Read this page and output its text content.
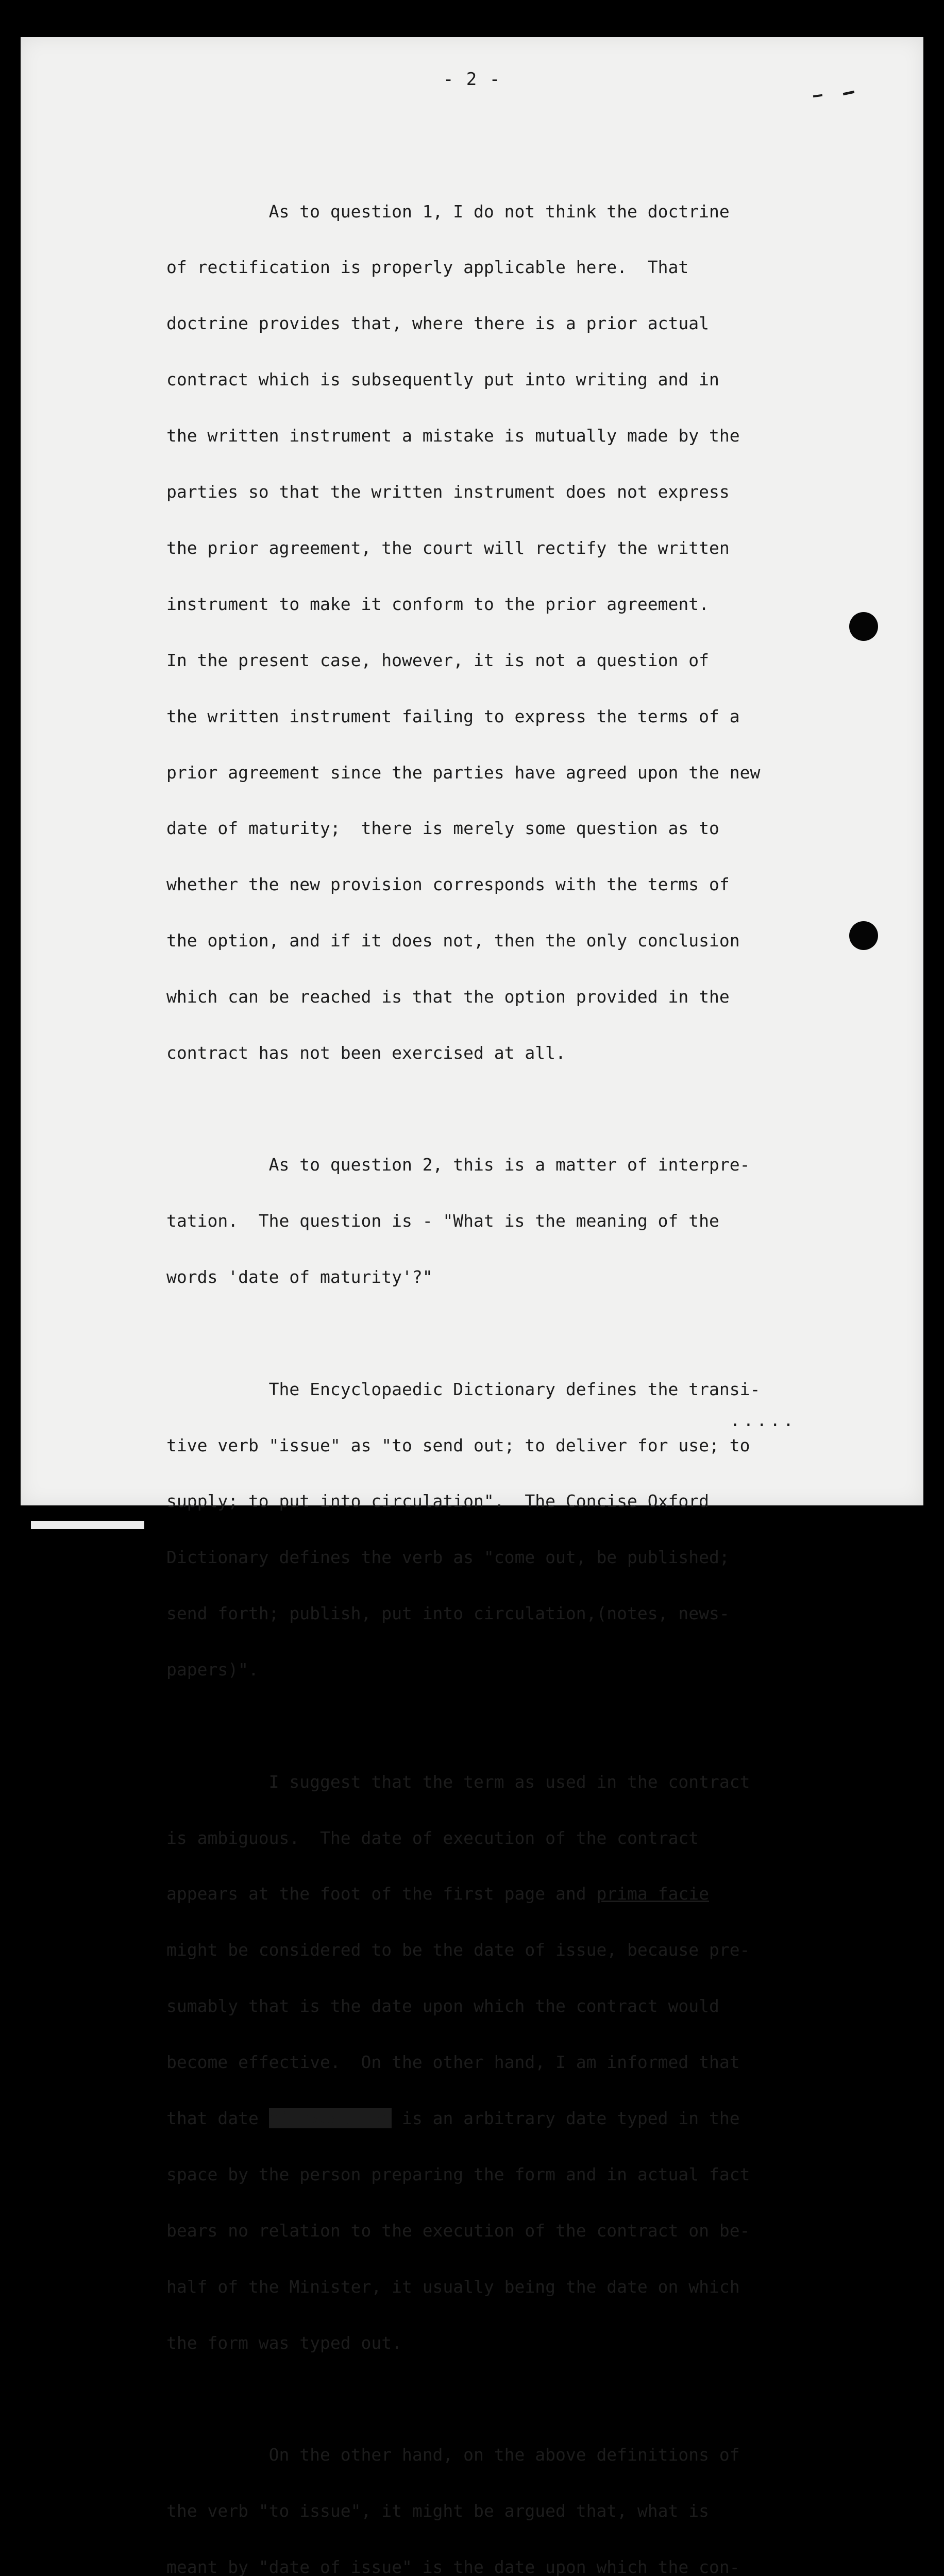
- 2 -

As to question 1, I do not think the doctrine

of rectification is properly applicable here.  That

doctrine provides that, where there is a prior actual

contract which is subsequently put into writing and in

the written instrument a mistake is mutually made by the

parties so that the written instrument does not express

the prior agreement, the court will rectify the written

instrument to make it conform to the prior agreement.

In the present case, however, it is not a question of

the written instrument failing to express the terms of a

prior agreement since the parties have agreed upon the new

date of maturity;  there is merely some question as to

whether the new provision corresponds with the terms of

the option, and if it does not, then the only conclusion

which can be reached is that the option provided in the

contract has not been exercised at all.

As to question 2, this is a matter of interpre-

tation.  The question is - "What is the meaning of the

words 'date of maturity'?"

The Encyclopaedic Dictionary defines the transi-

tive verb "issue" as "to send out; to deliver for use; to

supply; to put into circulation".  The Concise Oxford

Dictionary defines the verb as "come out, be published;

send forth; publish, put into circulation,(notes, news-

papers)".

I suggest that the term as used in the contract

is ambiguous.  The date of execution of the contract

appears at the foot of the first page and prima facie

might be considered to be the date of issue, because pre-

sumably that is the date upon which the contract would

become effective.  On the other hand, I am informed that

that date of execution is an arbitrary date typed in the

space by the person preparing the form and in actual fact

bears no relation to the execution of the contract on be-

half of the Minister, it usually being the date on which

the form was typed out.

On the other hand, on the above definitions of

the verb "to issue", it might be argued that, what is

meant by "date of issue" is the date upon which the con-

.....
